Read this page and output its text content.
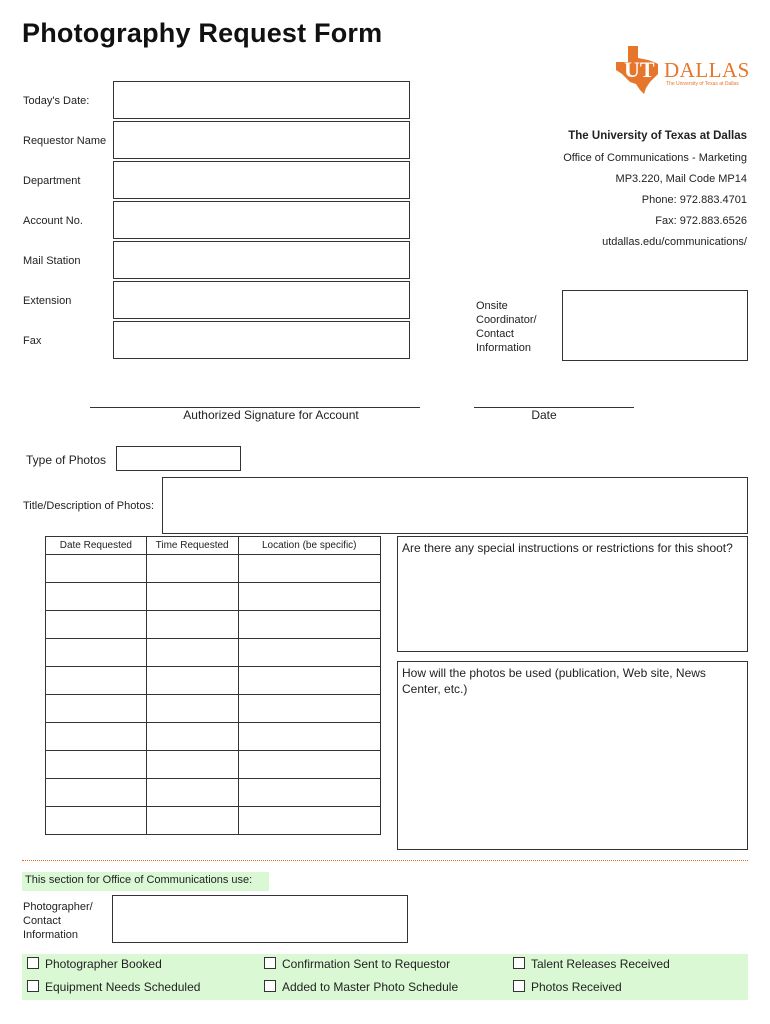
Photography Request Form
UT DALLAS
The University of Texas at Dallas
Today's Date:
Requestor Name
Department
Account No.
Mail Station
Extension
Fax
The University of Texas at Dallas
Office of Communications - Marketing
MP3.220, Mail Code MP14
Phone: 972.883.4701
Fax: 972.883.6526
utdallas.edu/communications/
Onsite
Coordinator/
Contact
Information
Authorized Signature for Account	Date
Type of Photos
Title/Description of Photos:
Date Requested	Time Requested	Location (be specific)

			Are there any special instructions or restrictions for this shoot?
How will the photos be used (publication, Web site, News Center, etc.)
This section for Office of Communications use:
Photographer/
Contact
Information
Photographer Booked	Confirmation Sent to Requestor	Talent Releases Received
Equipment Needs Scheduled	Added to Master Photo Schedule	Photos Received
